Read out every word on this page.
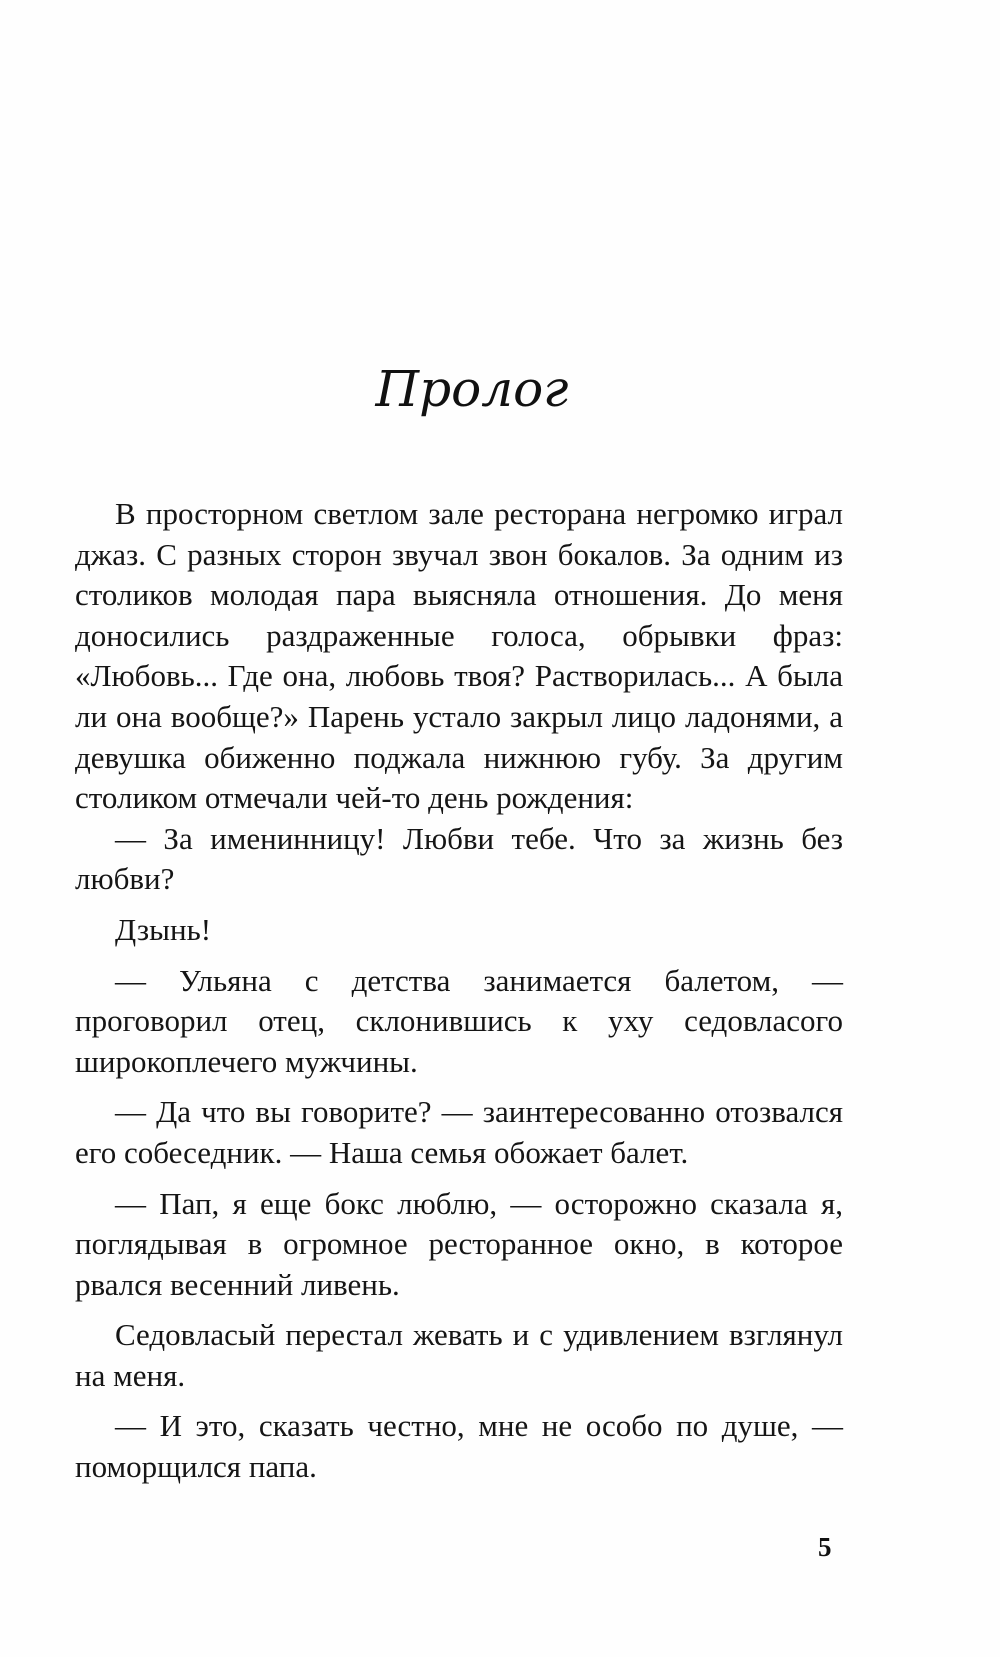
Пролог

В просторном светлом зале ресторана негромко играл джаз. С разных сторон звучал звон бокалов. За одним из столиков молодая пара выясняла отношения. До меня доносились раздраженные голоса, обрывки фраз: «Любовь... Где она, любовь твоя? Растворилась... А была ли она вообще?» Парень устало закрыл лицо ладонями, а девушка обиженно поджала нижнюю губу. За другим столиком отмечали чей-то день рождения:

— За именинницу! Любви тебе. Что за жизнь без любви?

Дзынь!

— Ульяна с детства занимается балетом, — проговорил отец, склонившись к уху седовласого широкоплечего мужчины.

— Да что вы говорите? — заинтересованно отозвался его собеседник. — Наша семья обожает балет.

— Пап, я еще бокс люблю, — осторожно сказала я, поглядывая в огромное ресторанное окно, в которое рвался весенний ливень.

Седовласый перестал жевать и с удивлением взглянул на меня.

— И это, сказать честно, мне не особо по душе, — поморщился папа.

5
